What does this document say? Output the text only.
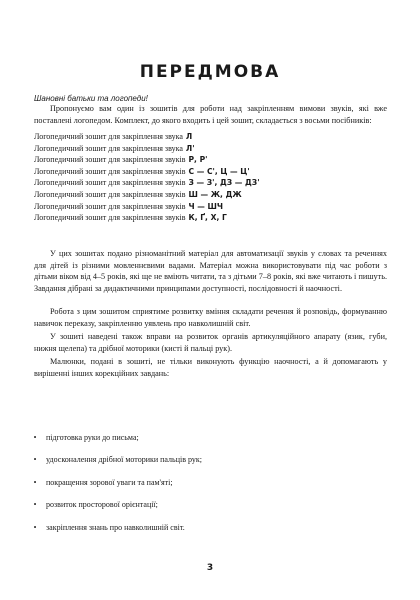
ПЕРЕДМОВА
Шановні батьки та логопеди!

Пропонуємо вам один із зошитів для роботи над закріпленням вимови звуків, які вже поставлені логопедом. Комплект, до якого входить і цей зошит, складається з восьми посібників:

Логопедичний зошит для закріплення звука Л
Логопедичний зошит для закріплення звука Л'
Логопедичний зошит для закріплення звуків Р, Р'
Логопедичний зошит для закріплення звуків С — С', Ц — Ц'
Логопедичний зошит для закріплення звуків З — З', ДЗ — ДЗ'
Логопедичний зошит для закріплення звуків Ш — Ж, ДЖ
Логопедичний зошит для закріплення звуків Ч — ШЧ
Логопедичний зошит для закріплення звуків К, Ґ, Х, Г

У цих зошитах подано різноманітний матеріал для автоматизації звуків у словах та реченнях для дітей із різними мовленнєвими вадами. Матеріал можна використовувати під час роботи з дітьми віком від 4–5 років, які ще не вміють читати, та з дітьми 7–8 років, які вже читають і пишуть. Завдання дібрані за дидактичними принципами доступності, послідовності й наочності.

Робота з цим зошитом сприятиме розвитку вміння складати речення й розповідь, формуванню навичок переказу, закріпленню уявлень про навколишній світ.

У зошиті наведені також вправи на розвиток органів артикуляційного апарату (язик, губи, нижня щелепа) та дрібної моторики (кисті й пальці рук).

Малюнки, подані в зошиті, не тільки виконують функцію наочності, а й допомагають у вирішенні інших корекційних завдань:

•	підготовка руки до письма;
•	удосконалення дрібної моторики пальців рук;
•	покращення зорової уваги та пам'яті;
•	розвиток просторової орієнтації;
•	закріплення знань про навколишній світ.
3
